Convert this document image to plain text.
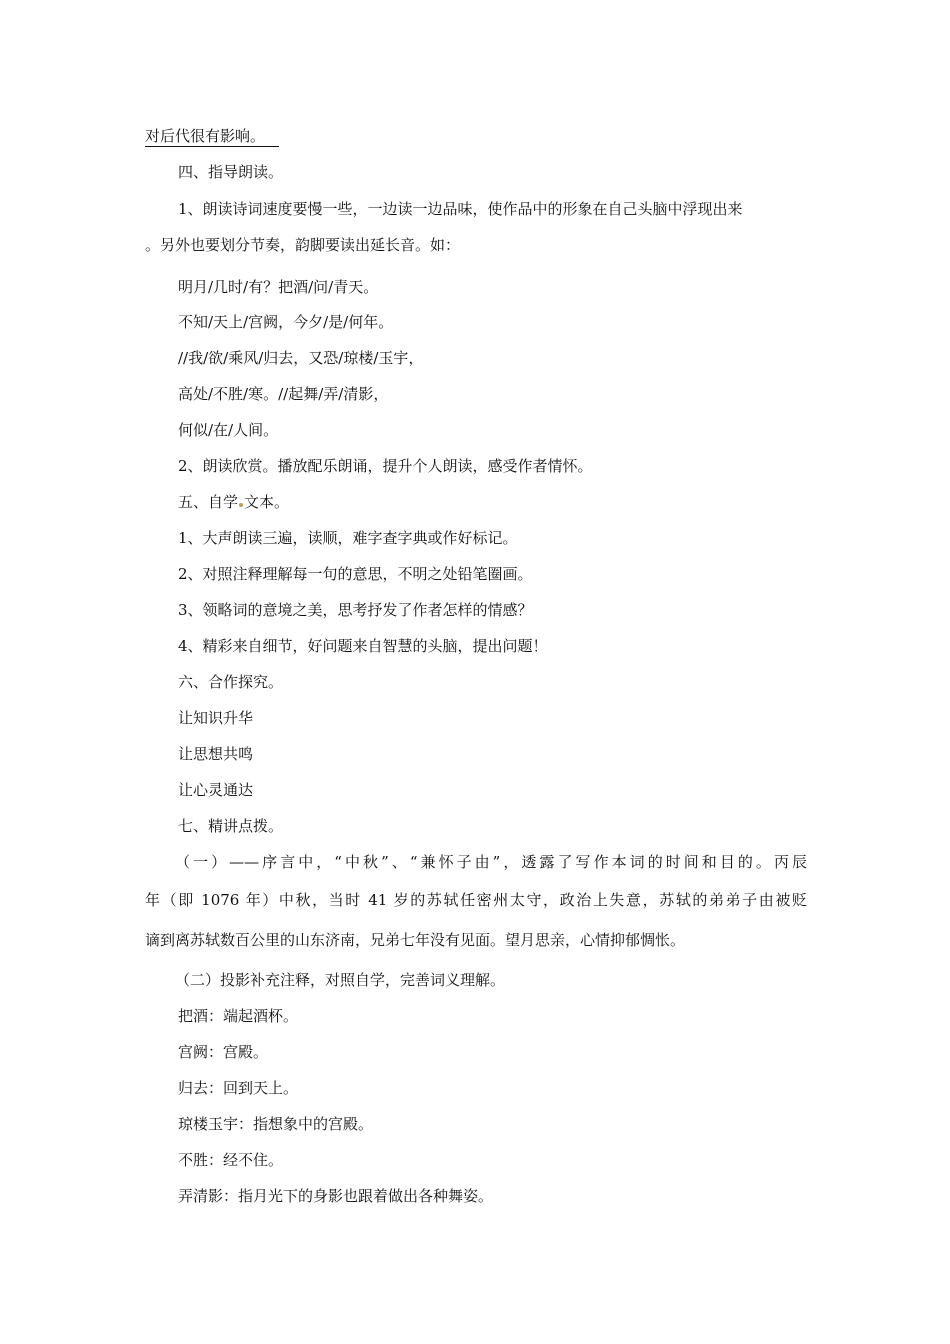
对后代很有影响。
四、指导朗读。
1、朗读诗词速度要慢一些，一边读一边品味，使作品中的形象在自己头脑中浮现出来
。另外也要划分节奏，韵脚要读出延长音。如：
明月/几时/有？把酒/问/青天。
不知/天上/宫阙，今夕/是/何年。
//我/欲/乘风/归去，又恐/琼楼/玉宇，
高处/不胜/寒。//起舞/弄/清影，
何似/在/人间。
2、朗读欣赏。播放配乐朗诵，提升个人朗读，感受作者情怀。
五、自学 文本。
1、大声朗读三遍，读顺，难字查字典或作好标记。
2、对照注释理解每一句的意思，不明之处铅笔圈画。
3、领略词的意境之美，思考抒发了作者怎样的情感？
4、精彩来自细节，好问题来自智慧的头脑，提出问题！
六、合作探究。
让知识升华
让思想共鸣
让心灵通达
七、精讲点拨。
（一）——序言中，“中秋”、“兼怀子由”，透露了写作本词的时间和目的。丙辰
年（即 1076 年）中秋，当时 41 岁的苏轼任密州太守，政治上失意，苏轼的弟弟子由被贬
谪到离苏轼数百公里的山东济南，兄弟七年没有见面。望月思亲，心情抑郁惆怅。
（二）投影补充注释，对照自学，完善词义理解。
把酒：端起酒杯。
宫阙：宫殿。
归去：回到天上。
琼楼玉宇：指想象中的宫殿。
不胜：经不住。
弄清影：指月光下的身影也跟着做出各种舞姿。
